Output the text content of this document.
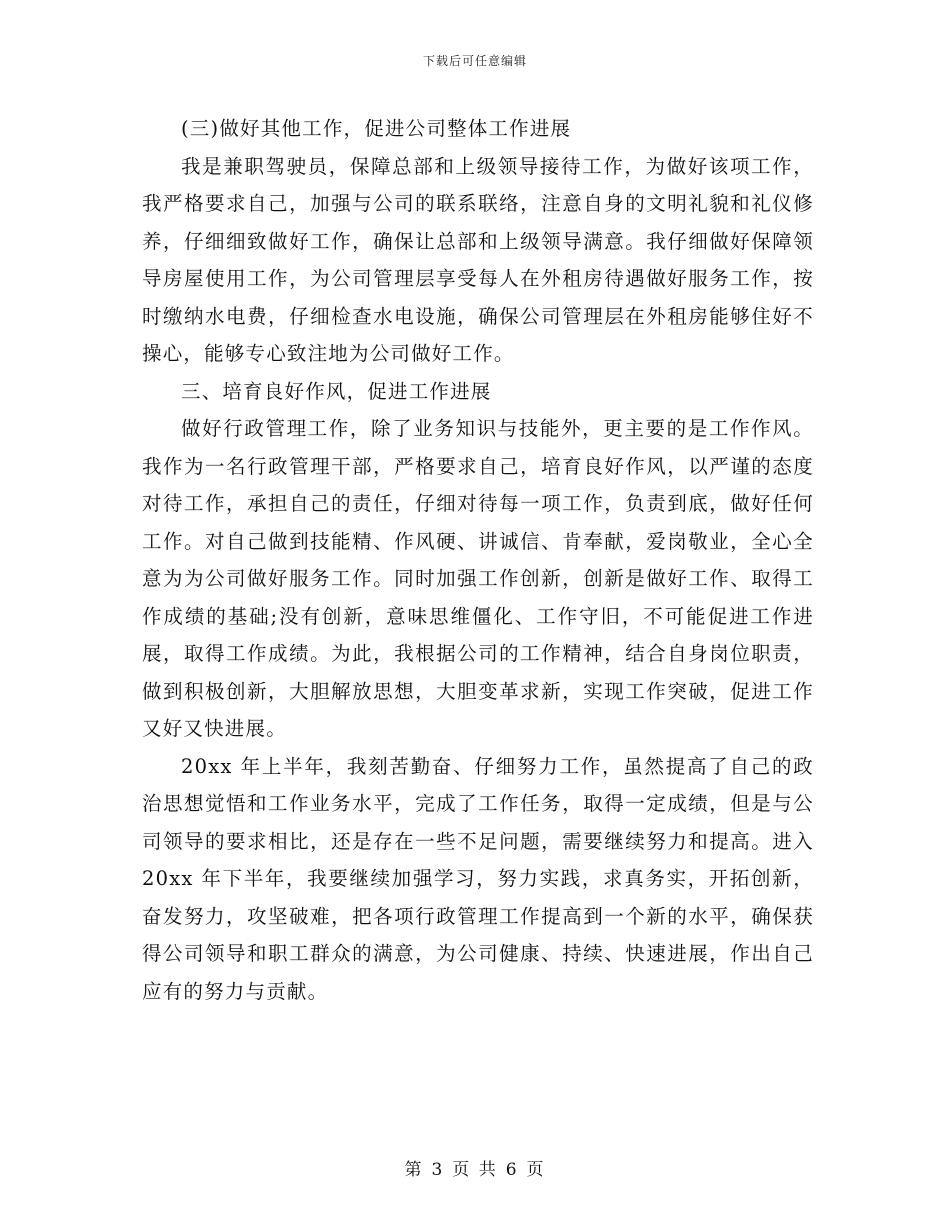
下载后可任意编辑

(三)做好其他工作，促进公司整体工作进展

我是兼职驾驶员，保障总部和上级领导接待工作，为做好该项工作，我严格要求自己，加强与公司的联系联络，注意自身的文明礼貌和礼仪修养，仔细细致做好工作，确保让总部和上级领导满意。我仔细做好保障领导房屋使用工作，为公司管理层享受每人在外租房待遇做好服务工作，按时缴纳水电费，仔细检查水电设施，确保公司管理层在外租房能够住好不操心，能够专心致注地为公司做好工作。

三、培育良好作风，促进工作进展

做好行政管理工作，除了业务知识与技能外，更主要的是工作作风。我作为一名行政管理干部，严格要求自己，培育良好作风，以严谨的态度对待工作，承担自己的责任，仔细对待每一项工作，负责到底，做好任何工作。对自己做到技能精、作风硬、讲诚信、肯奉献，爱岗敬业，全心全意为为公司做好服务工作。同时加强工作创新，创新是做好工作、取得工作成绩的基础;没有创新，意味思维僵化、工作守旧，不可能促进工作进展，取得工作成绩。为此，我根据公司的工作精神，结合自身岗位职责，做到积极创新，大胆解放思想，大胆变革求新，实现工作突破，促进工作又好又快进展。

20xx 年上半年，我刻苦勤奋、仔细努力工作，虽然提高了自己的政治思想觉悟和工作业务水平，完成了工作任务，取得一定成绩，但是与公司领导的要求相比，还是存在一些不足问题，需要继续努力和提高。进入 20xx 年下半年，我要继续加强学习，努力实践，求真务实，开拓创新，奋发努力，攻坚破难，把各项行政管理工作提高到一个新的水平，确保获得公司领导和职工群众的满意，为公司健康、持续、快速进展，作出自己应有的努力与贡献。

第 3 页 共 6 页
